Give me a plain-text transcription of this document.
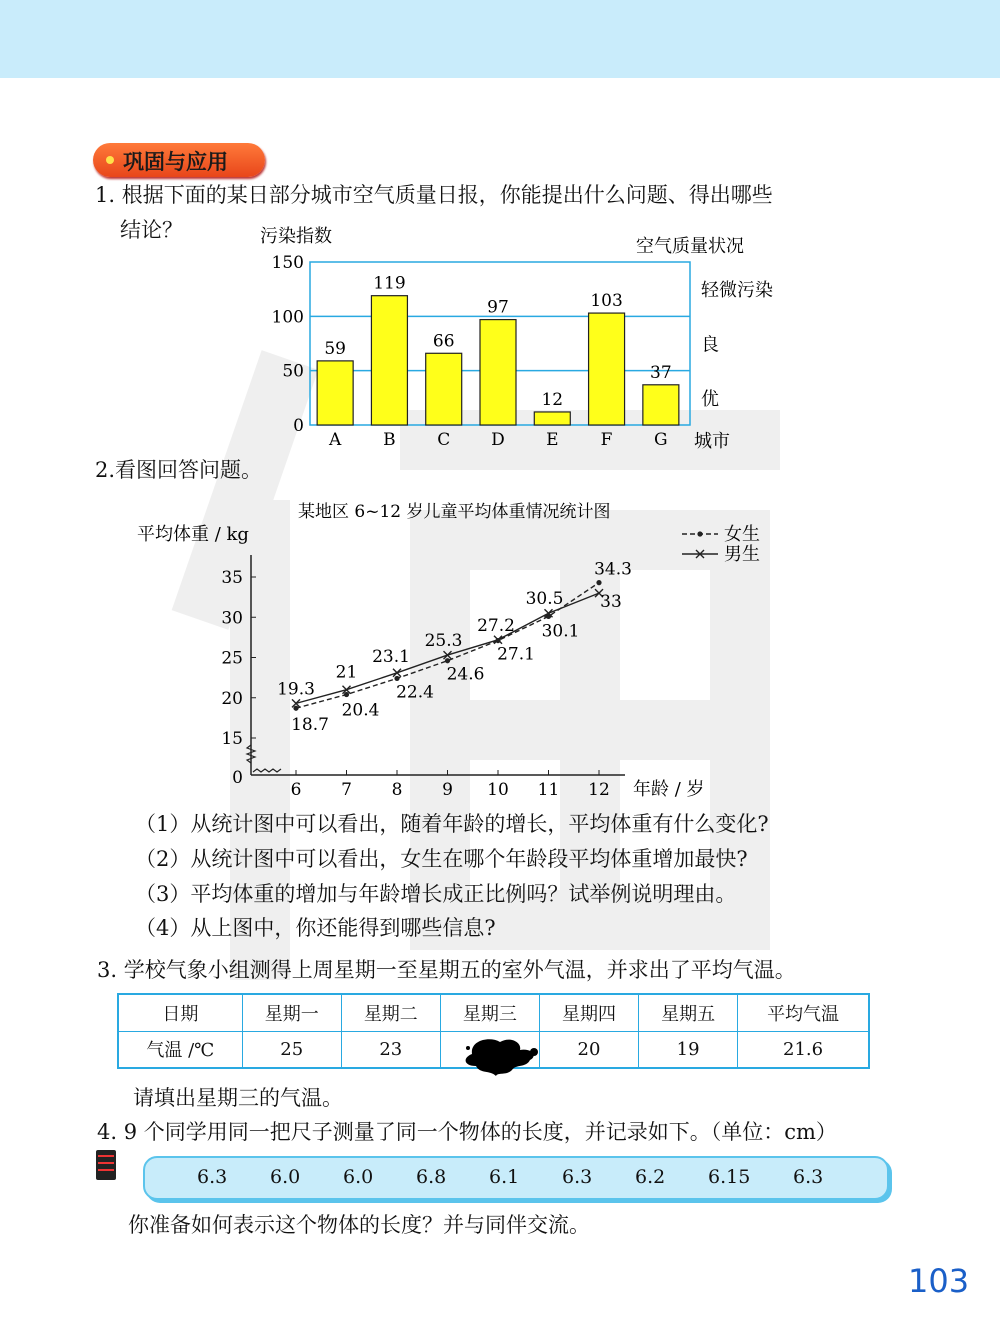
巩固与应用
1. 根据下面的某日部分城市空气质量日报，你能提出什么问题、得出哪些
结论？	污染指数	空气质量状况
0
50
100
150
59
A
119
B
66
C
97
D
12
E
103
F
37
G 城市
轻微污染
良
优
2.看图回答问题。
某地区 6~12 岁儿童平均体重情况统计图
平均体重 / kg
0
15
20
25
30
35
6 7 8 9 10 11 12 年龄 / 岁
18.7
19.3
20.4
21
22.4
23.1
24.6
25.3
27.1
27.2 30.1
30.5
34.3
33
女生
男生
（1）从统计图中可以看出，随着年龄的增长，平均体重有什么变化?
（2）从统计图中可以看出，女生在哪个年龄段平均体重增加最快?
（3）平均体重的增加与年龄增长成正比例吗？试举例说明理由。
（4）从上图中，你还能得到哪些信息?
3. 学校气象小组测得上周星期一至星期五的室外气温，并求出了平均气温。
日期	星期一	星期二	星期三	星期四	星期五	平均气温
气温 /℃	25	23		20	19	21.6
请填出星期三的气温。
4. 9 个同学用同一把尺子测量了同一个物体的长度，并记录如下。（单位：cm）
6.3 6.0 6.0 6.8 6.1 6.3 6.2 6.15 6.3
你准备如何表示这个物体的长度？并与同伴交流。
103
